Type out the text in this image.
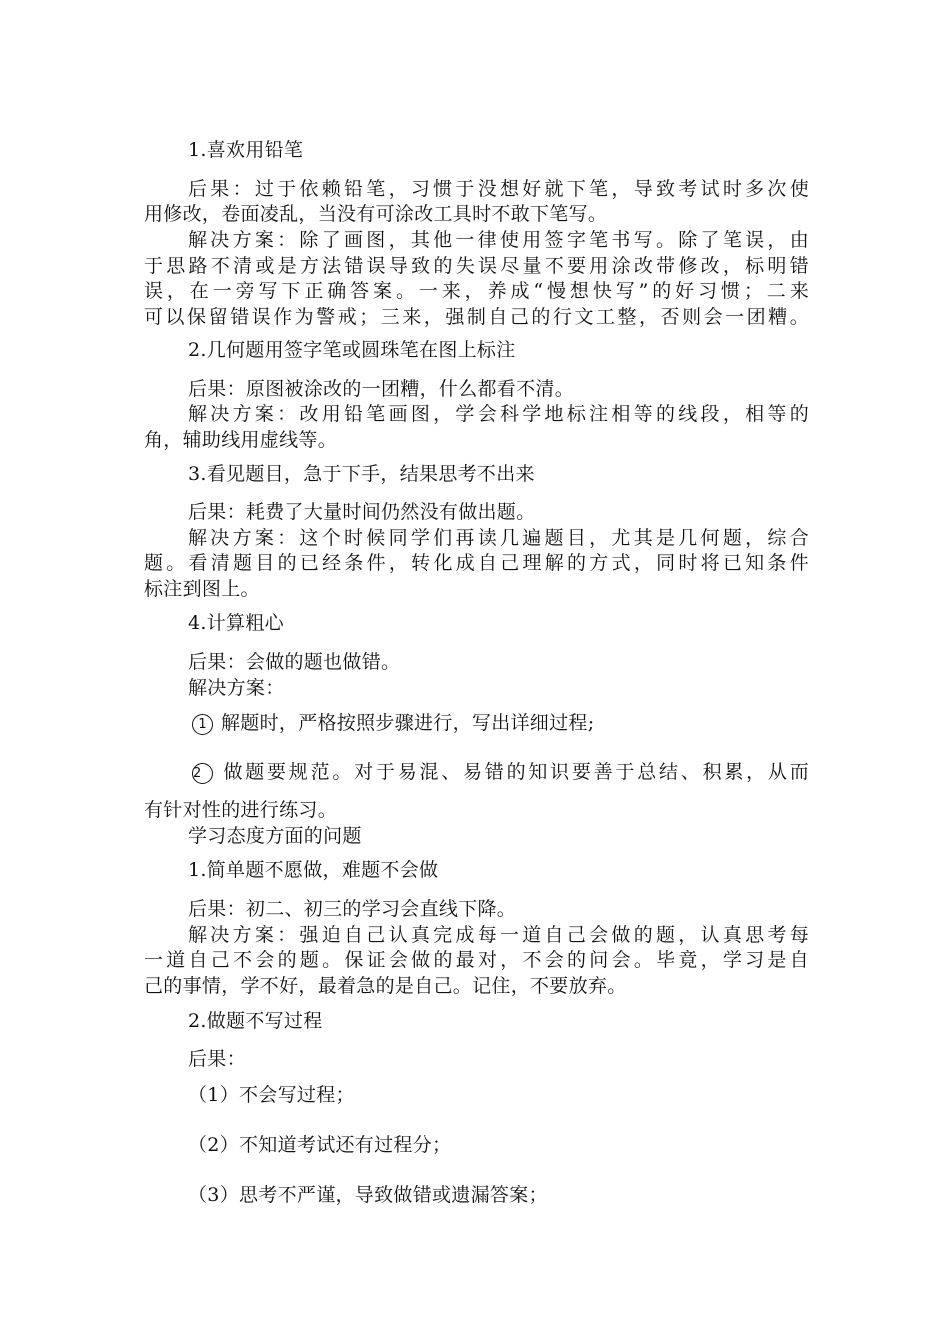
1.喜欢用铅笔
后果：过于依赖铅笔，习惯于没想好就下笔，导致考试时多次使
用修改，卷面凌乱，当没有可涂改工具时不敢下笔写。
解决方案：除了画图，其他一律使用签字笔书写。除了笔误，由
于思路不清或是方法错误导致的失误尽量不要用涂改带修改，标明错
误，在一旁写下正确答案。一来，养成“慢想快写”的好习惯；二来
可以保留错误作为警戒；三来，强制自己的行文工整，否则会一团糟。
2.几何题用签字笔或圆珠笔在图上标注
后果：原图被涂改的一团糟，什么都看不清。
解决方案：改用铅笔画图，学会科学地标注相等的线段，相等的
角，辅助线用虚线等。
3.看见题目，急于下手，结果思考不出来
后果：耗费了大量时间仍然没有做出题。
解决方案：这个时候同学们再读几遍题目，尤其是几何题，综合
题。看清题目的已经条件，转化成自己理解的方式，同时将已知条件
标注到图上。
4.计算粗心
后果：会做的题也做错。
解决方案：
1 解题时，严格按照步骤进行，写出详细过程;
2 做题要规范。对于易混、易错的知识要善于总结、积累，从而
有针对性的进行练习。
学习态度方面的问题
1.简单题不愿做，难题不会做
后果：初二、初三的学习会直线下降。
解决方案：强迫自己认真完成每一道自己会做的题，认真思考每
一道自己不会的题。保证会做的最对，不会的问会。毕竟，学习是自
己的事情，学不好，最着急的是自己。记住，不要放弃。
2.做题不写过程
后果：
（1）不会写过程；
（2）不知道考试还有过程分；
（3）思考不严谨，导致做错或遗漏答案；
